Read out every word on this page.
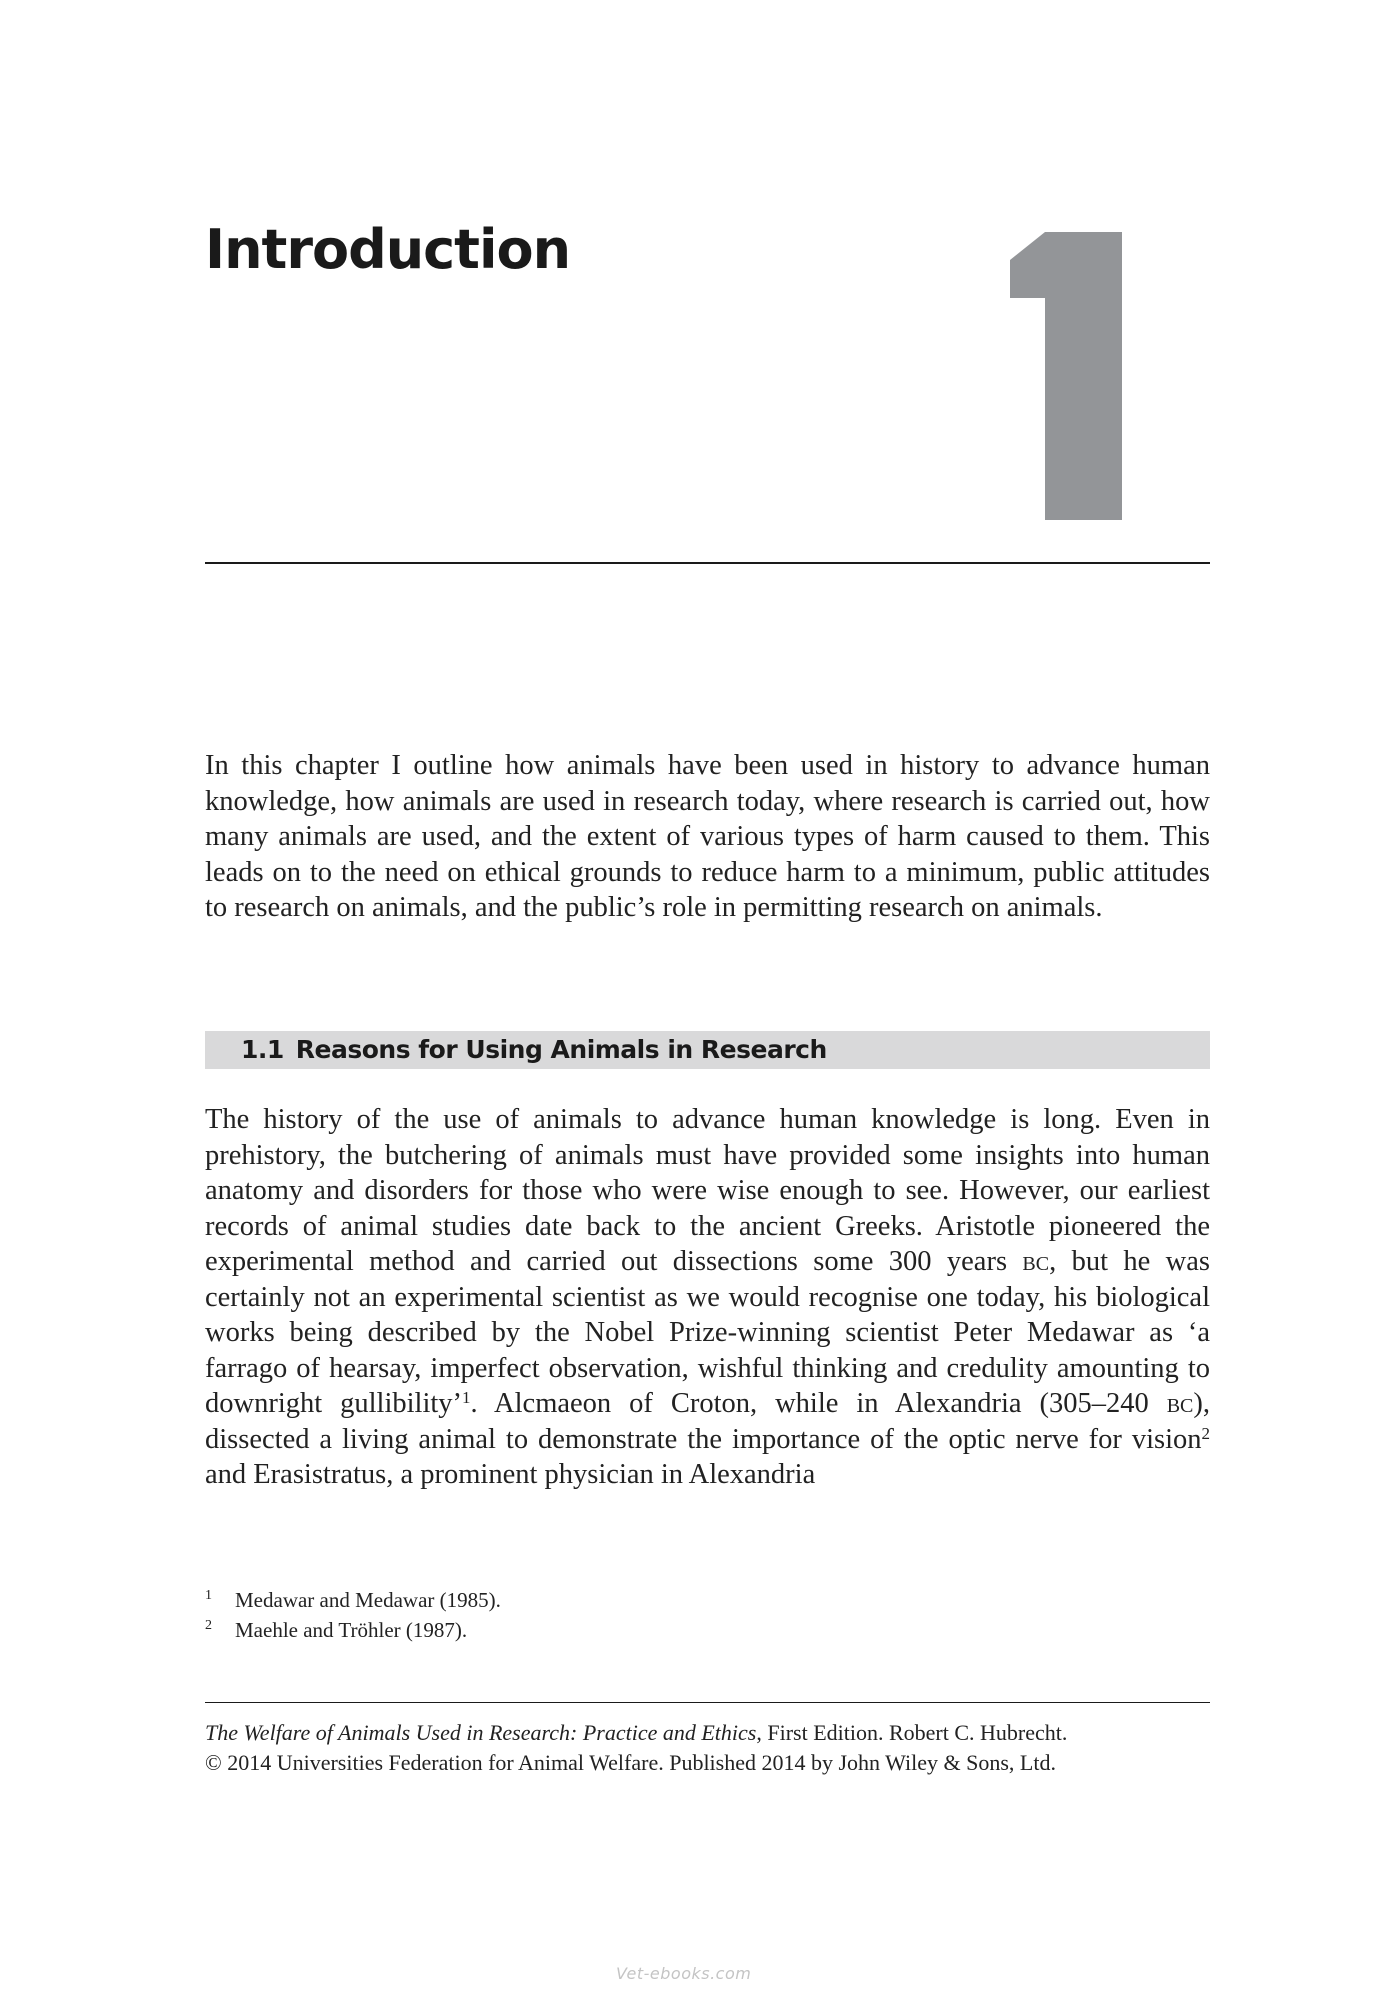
Introduction

In this chapter I outline how animals have been used in history to advance human knowledge, how animals are used in research today, where research is carried out, how many animals are used, and the extent of various types of harm caused to them. This leads on to the need on ethical grounds to reduce harm to a minimum, public attitudes to research on animals, and the public’s role in permitting research on animals.

1.1 Reasons for Using Animals in Research

The history of the use of animals to advance human knowledge is long. Even in prehistory, the butchering of animals must have provided some insights into human anatomy and disorders for those who were wise enough to see. However, our earliest records of animal studies date back to the ancient Greeks. Aristotle pioneered the experimental method and carried out dissections some 300 years bc, but he was certainly not an experimental scientist as we would recognise one today, his biological works being described by the Nobel Prize-winning scientist Peter Medawar as ‘a farrago of hearsay, imperfect observation, wishful thinking and credulity amounting to downright gullibility’$^1$. Alcmaeon of Croton, while in Alexandria (305–240 bc), dissected a living animal to demonstrate the importance of the optic nerve for vision$^2$ and Erasistratus, a prominent physician in Alexandria

1	Medawar and Medawar (1985).
2	Maehle and Tröhler (1987).
The Welfare of Animals Used in Research: Practice and Ethics, First Edition. Robert C. Hubrecht.
© 2014 Universities Federation for Animal Welfare. Published 2014 by John Wiley & Sons, Ltd.
Vet-ebooks.com
